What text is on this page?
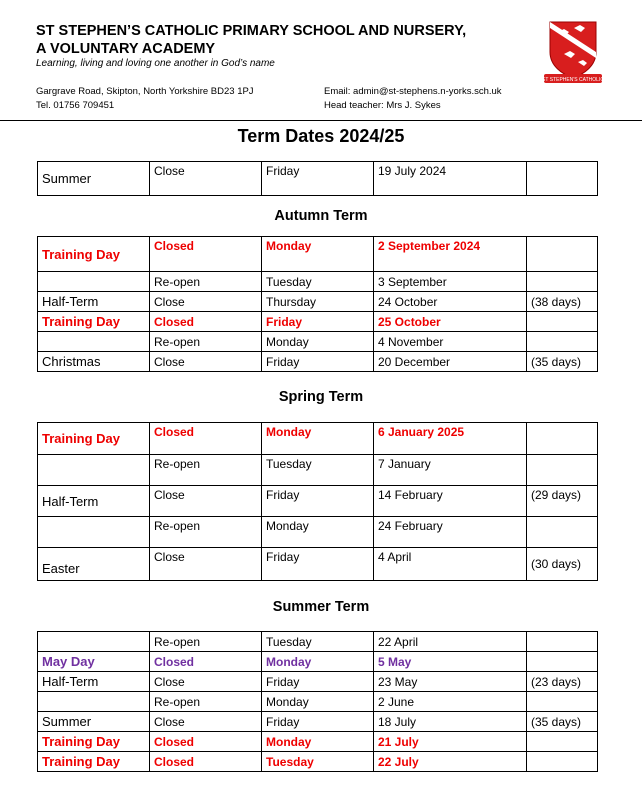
ST STEPHEN’S CATHOLIC PRIMARY SCHOOL AND NURSERY,
A VOLUNTARY ACADEMY
Learning, living and loving one another in God’s name
Gargrave Road, Skipton, North Yorkshire BD23 1PJ
Tel. 01756 709451
Email: admin@st-stephens.n-yorks.sch.uk
Head teacher: Mrs J. Sykes
ST STEPHEN'S CATHOLIC
Term Dates 2024/25
Summer	Close	Friday	19 July 2024	
Autumn Term
Training Day	Closed	Monday	2 September 2024	
	Re-open	Tuesday	3 September	
Half-Term	Close	Thursday	24 October	(38 days)
Training Day	Closed	Friday	25 October	
	Re-open	Monday	4 November	
Christmas	Close	Friday	20 December	(35 days)
Spring Term
Training Day	Closed	Monday	6 January 2025	
	Re-open	Tuesday	7 January	
Half-Term	Close	Friday	14 February	(29 days)
	Re-open	Monday	24 February	
Easter	Close	Friday	4 April	(30 days)
Summer Term
	Re-open	Tuesday	22 April	
May Day	Closed	Monday	5 May	
Half-Term	Close	Friday	23 May	(23 days)
	Re-open	Monday	2 June	
Summer	Close	Friday	18 July	(35 days)
Training Day	Closed	Monday	21 July	
Training Day	Closed	Tuesday	22 July	
